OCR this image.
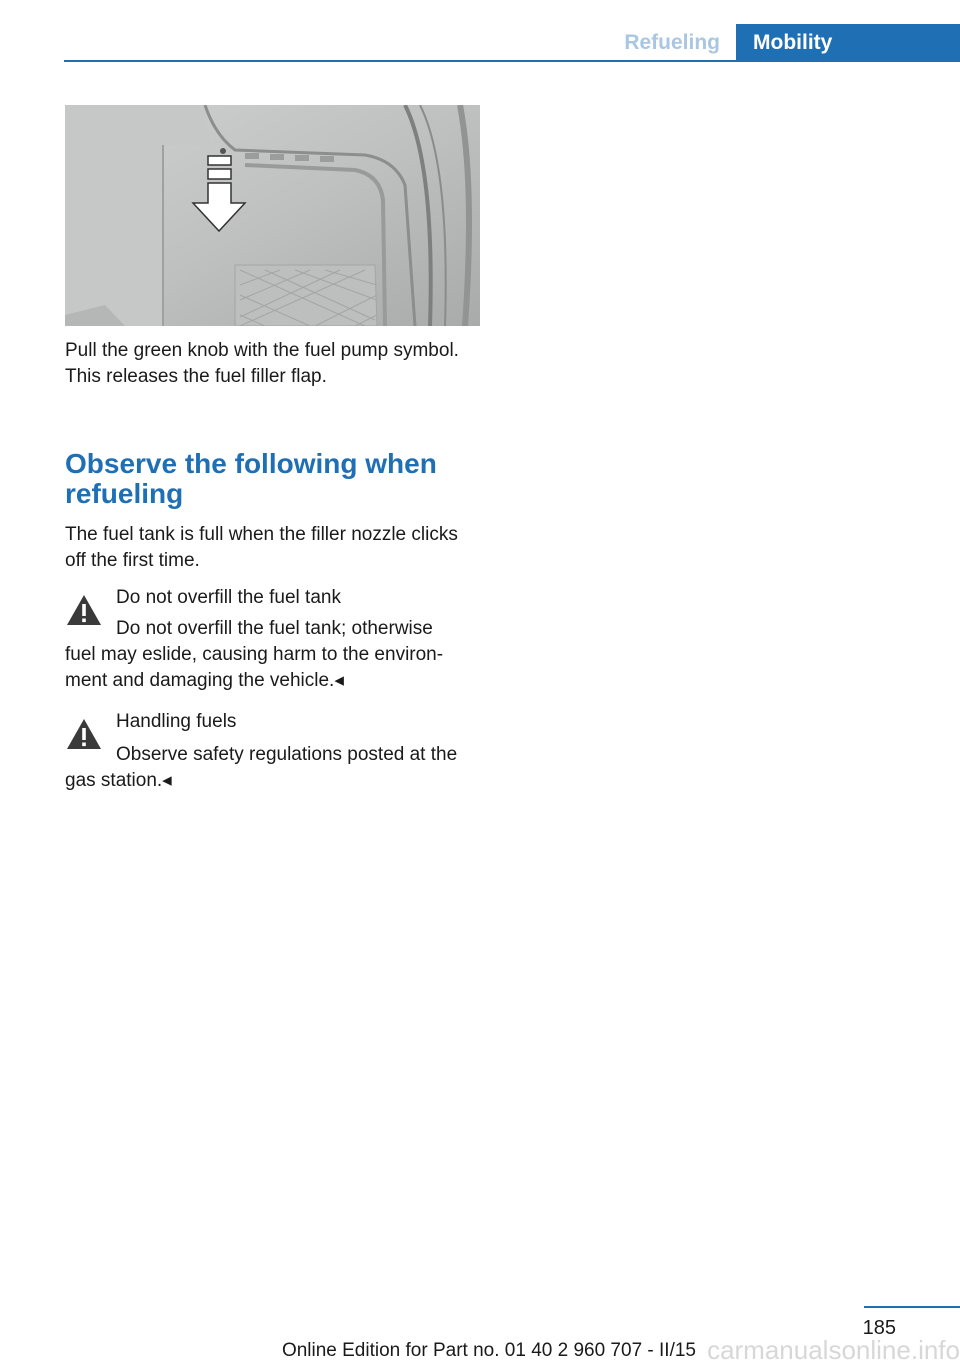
Refueling	Mobility

Pull the green knob with the fuel pump symbol.
This releases the fuel filler flap.

Observe the following when
refueling

The fuel tank is full when the filler nozzle clicks
off the first time.

Do not overfill the fuel tank

Do not overfill the fuel tank; otherwise
fuel may eslide, causing harm to the environ-
ment and damaging the vehicle.◂

Handling fuels

Observe safety regulations posted at the
gas station.◂

185
carmanualsonline.info
Online Edition for Part no. 01 40 2 960 707 - II/15
